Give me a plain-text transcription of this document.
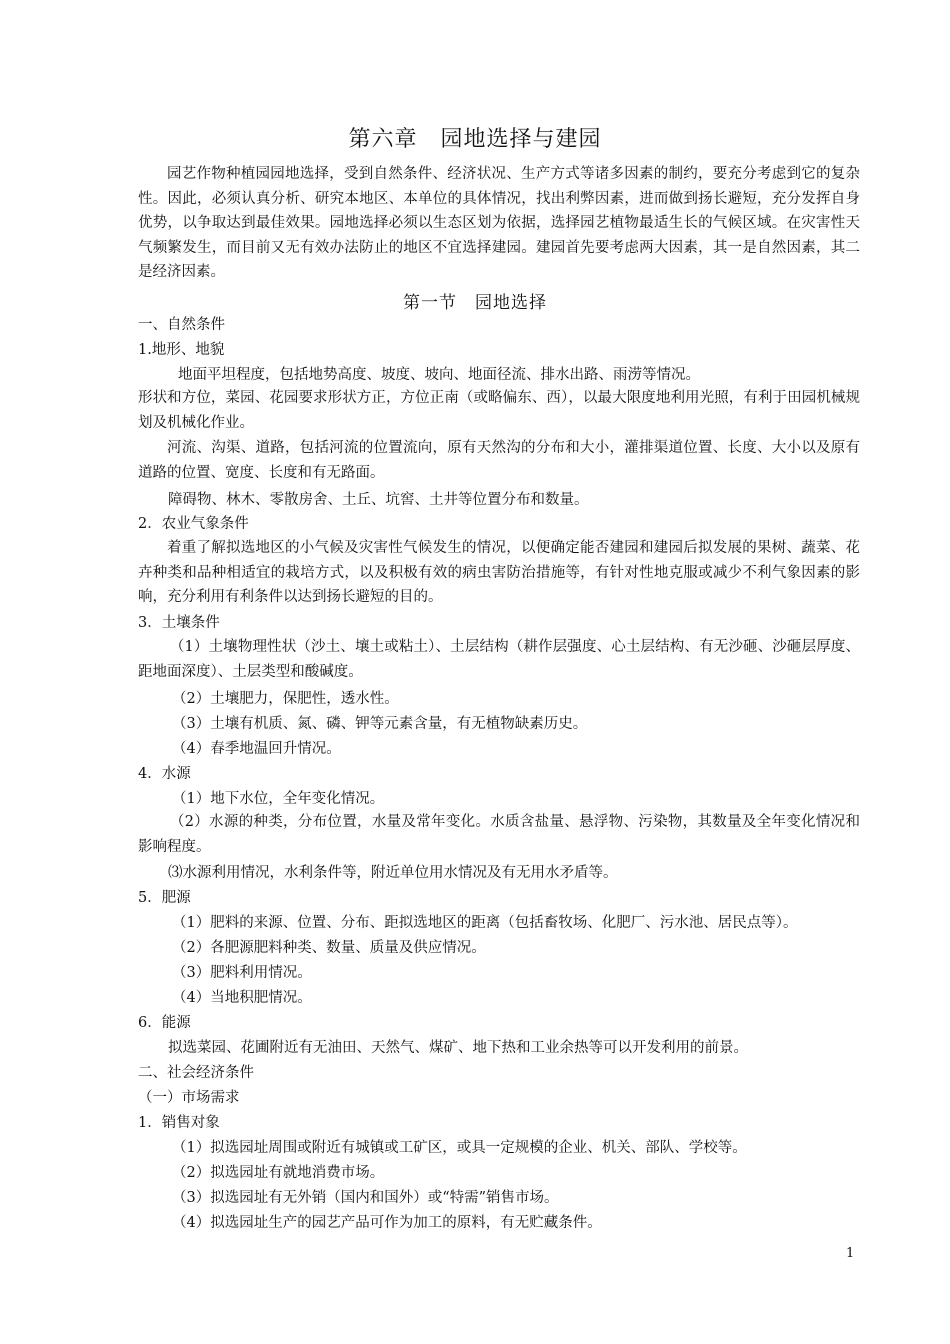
第六章　园地选择与建园
园艺作物种植园园地选择，受到自然条件、经济状况、生产方式等诸多因素的制约，要充分考虑到它的复杂性。因此，必须认真分析、研究本地区、本单位的具体情况，找出利弊因素，进而做到扬长避短，充分发挥自身优势，以争取达到最佳效果。园地选择必须以生态区划为依据，选择园艺植物最适生长的气候区域。在灾害性天气频繁发生，而目前又无有效办法防止的地区不宜选择建园。建园首先要考虑两大因素，其一是自然因素，其二是经济因素。
第一节　园地选择
一、自然条件
1.地形、地貌
地面平坦程度，包括地势高度、坡度、坡向、地面径流、排水出路、雨涝等情况。
形状和方位，菜园、花园要求形状方正，方位正南（或略偏东、西），以最大限度地利用光照，有利于田园机械规划及机械化作业。
河流、沟渠、道路，包括河流的位置流向，原有天然沟的分布和大小，灌排渠道位置、长度、大小以及原有道路的位置、宽度、长度和有无路面。
障碍物、林木、零散房舍、土丘、坑窖、土井等位置分布和数量。
2．农业气象条件
着重了解拟选地区的小气候及灾害性气候发生的情况，以便确定能否建园和建园后拟发展的果树、蔬菜、花卉种类和品种相适宜的栽培方式，以及积极有效的病虫害防治措施等，有针对性地克服或减少不利气象因素的影响，充分利用有利条件以达到扬长避短的目的。
3．土壤条件
（1）土壤物理性状（沙土、壤土或粘土）、土层结构（耕作层强度、心土层结构、有无沙砸、沙砸层厚度、距地面深度）、土层类型和酸碱度。
（2）土壤肥力，保肥性，透水性。
（3）土壤有机质、氮、磷、钾等元素含量，有无植物缺素历史。
（4）春季地温回升情况。
4．水源
（1）地下水位，全年变化情况。
（2）水源的种类，分布位置，水量及常年变化。水质含盐量、悬浮物、污染物，其数量及全年变化情况和影响程度。
⑶水源利用情况，水利条件等，附近单位用水情况及有无用水矛盾等。
5．肥源
（1）肥料的来源、位置、分布、距拟选地区的距离（包括畜牧场、化肥厂、污水池、居民点等）。
（2）各肥源肥料种类、数量、质量及供应情况。
（3）肥料利用情况。
（4）当地积肥情况。
6．能源
拟选菜园、花圃附近有无油田、天然气、煤矿、地下热和工业余热等可以开发利用的前景。
二、社会经济条件
（一）市场需求
1．销售对象
（1）拟选园址周围或附近有城镇或工矿区，或具一定规模的企业、机关、部队、学校等。
（2）拟选园址有就地消费市场。
（3）拟选园址有无外销（国内和国外）或“特需”销售市场。
（4）拟选园址生产的园艺产品可作为加工的原料，有无贮藏条件。
1
